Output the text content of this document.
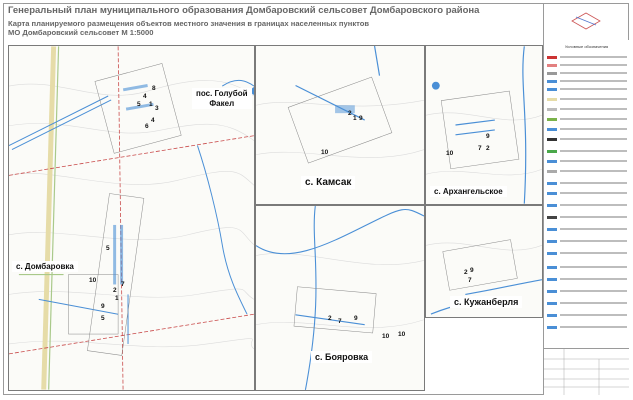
Генеральный план муниципального образования Домбаровский сельсовет Домбаровского района
Карта планируемого размещения объектов местного значения в границах населенных пунктов
МО Домбаровский сельсовет М 1:5000
пос. Голубой
Факел
с. Домбаровка
8
4
5 1
3
4
6
5
10
7
2
1
9
5
2
1 9
10
с. Камсак
9
10
7 2
с. Архангельское
2 7 9
10 10
с. Бояровка
2 9
7
с. Кужанберля
Условные обозначения
